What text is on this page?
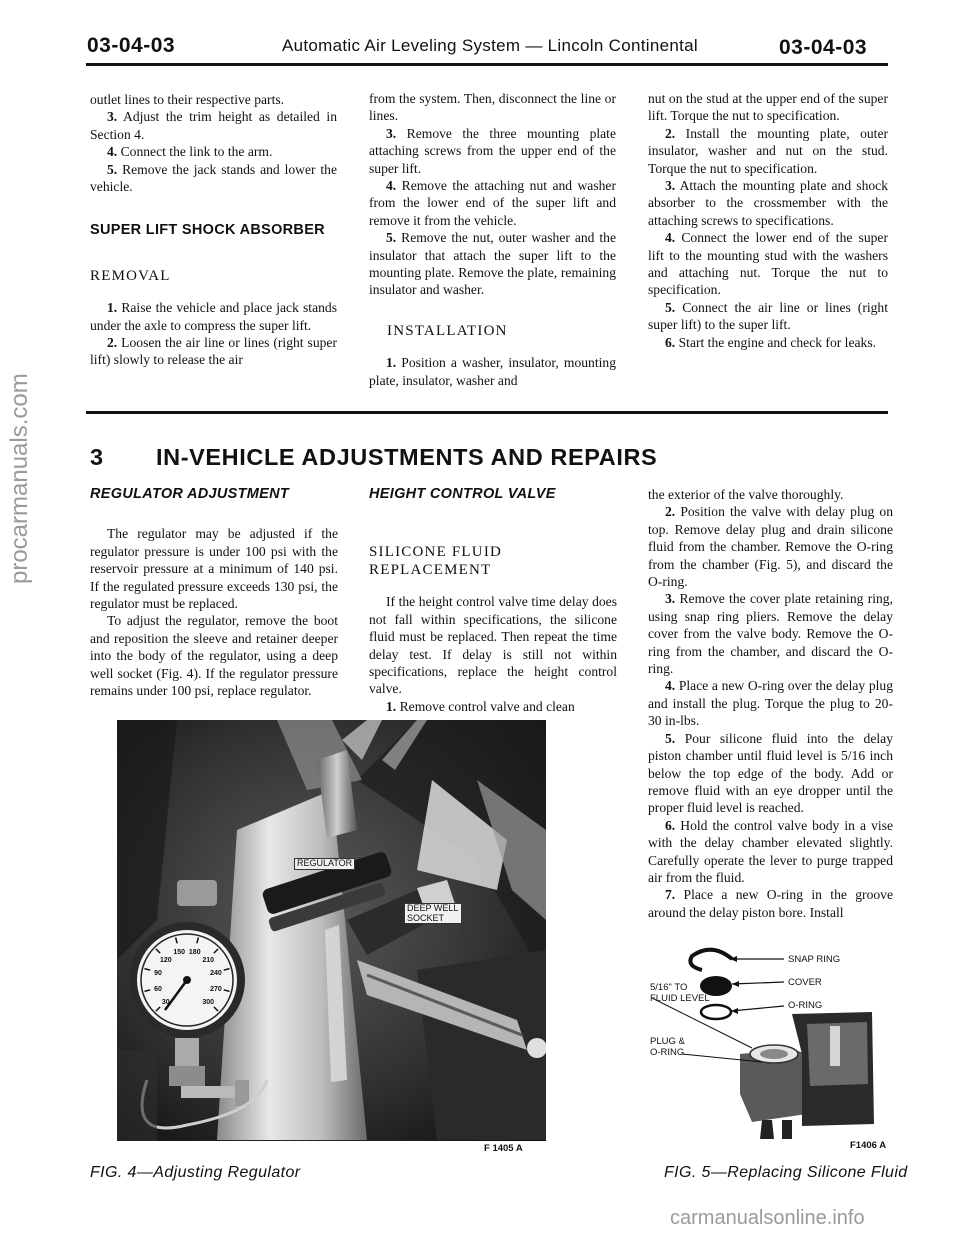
03-04-03	Automatic Air Leveling System — Lincoln Continental	03-04-03

outlet lines to their respective parts.

3. Adjust the trim height as detailed in Section 4.

4. Connect the link to the arm.

5. Remove the jack stands and lower the vehicle.

SUPER LIFT SHOCK ABSORBER

REMOVAL

1. Raise the vehicle and place jack stands under the axle to compress the super lift.

2. Loosen the air line or lines (right super lift) slowly to release the air

from the system. Then, disconnect the line or lines.

3. Remove the three mounting plate attaching screws from the upper end of the super lift.

4. Remove the attaching nut and washer from the lower end of the super lift and remove it from the vehicle.

5. Remove the nut, outer washer and the insulator that attach the super lift to the mounting plate. Remove the plate, remaining insulator and washer.

INSTALLATION

1. Position a washer, insulator, mounting plate, insulator, washer and

nut on the stud at the upper end of the super lift. Torque the nut to specification.

2. Install the mounting plate, outer insulator, washer and nut on the stud. Torque the nut to specification.

3. Attach the mounting plate and shock absorber to the crossmember with the attaching screws to specifications.

4. Connect the lower end of the super lift to the mounting stud with the washers and attaching nut. Torque the nut to specification.

5. Connect the air line or lines (right super lift) to the super lift.

6. Start the engine and check for leaks.

3 IN-VEHICLE ADJUSTMENTS AND REPAIRS

REGULATOR ADJUSTMENT

The regulator may be adjusted if the regulator pressure is under 100 psi with the reservoir pressure at a minimum of 140 psi. If the regulated pressure exceeds 130 psi, the regulator must be replaced.

To adjust the regulator, remove the boot and reposition the sleeve and retainer deeper into the body of the regulator, using a deep well socket (Fig. 4). If the regulator pressure remains under 100 psi, replace regulator.

HEIGHT CONTROL VALVE

SILICONE FLUID

REPLACEMENT

If the height control valve time delay does not fall within specifications, the silicone fluid must be replaced. Then repeat the time delay test. If delay is still not within specifications, replace the height control valve.

1. Remove control valve and clean

the exterior of the valve thoroughly.

2. Position the valve with delay plug on top. Remove delay plug and drain silicone fluid from the chamber. Remove the O-ring from the chamber (Fig. 5), and discard the O-ring.

3. Remove the cover plate retaining ring, using snap ring pliers. Remove the delay cover from the valve body. Remove the O-ring from the chamber, and discard the O-ring.

4. Place a new O-ring over the delay plug and install the plug. Torque the plug to 20-30 in-lbs.

5. Pour silicone fluid into the delay piston chamber until fluid level is 5/16 inch below the top edge of the body. Add or remove fluid with an eye dropper until the proper fluid level is reached.

6. Hold the control valve body in a vise with the delay chamber elevated slightly. Carefully operate the lever to purge trapped air from the fluid.

7. Place a new O-ring in the groove around the delay piston bore. Install

30
60
90
120
150 180
210
240
270
300
REGULATOR
DEEP WELL
SOCKET
F 1405 A
FIG. 4—Adjusting Regulator
SNAP RING
COVER
O-RING
5/16" TO
FLUID LEVEL
PLUG &
O-RING
F1406 A
FIG. 5—Replacing Silicone Fluid
procarmanuals.com
carmanualsonline.info
